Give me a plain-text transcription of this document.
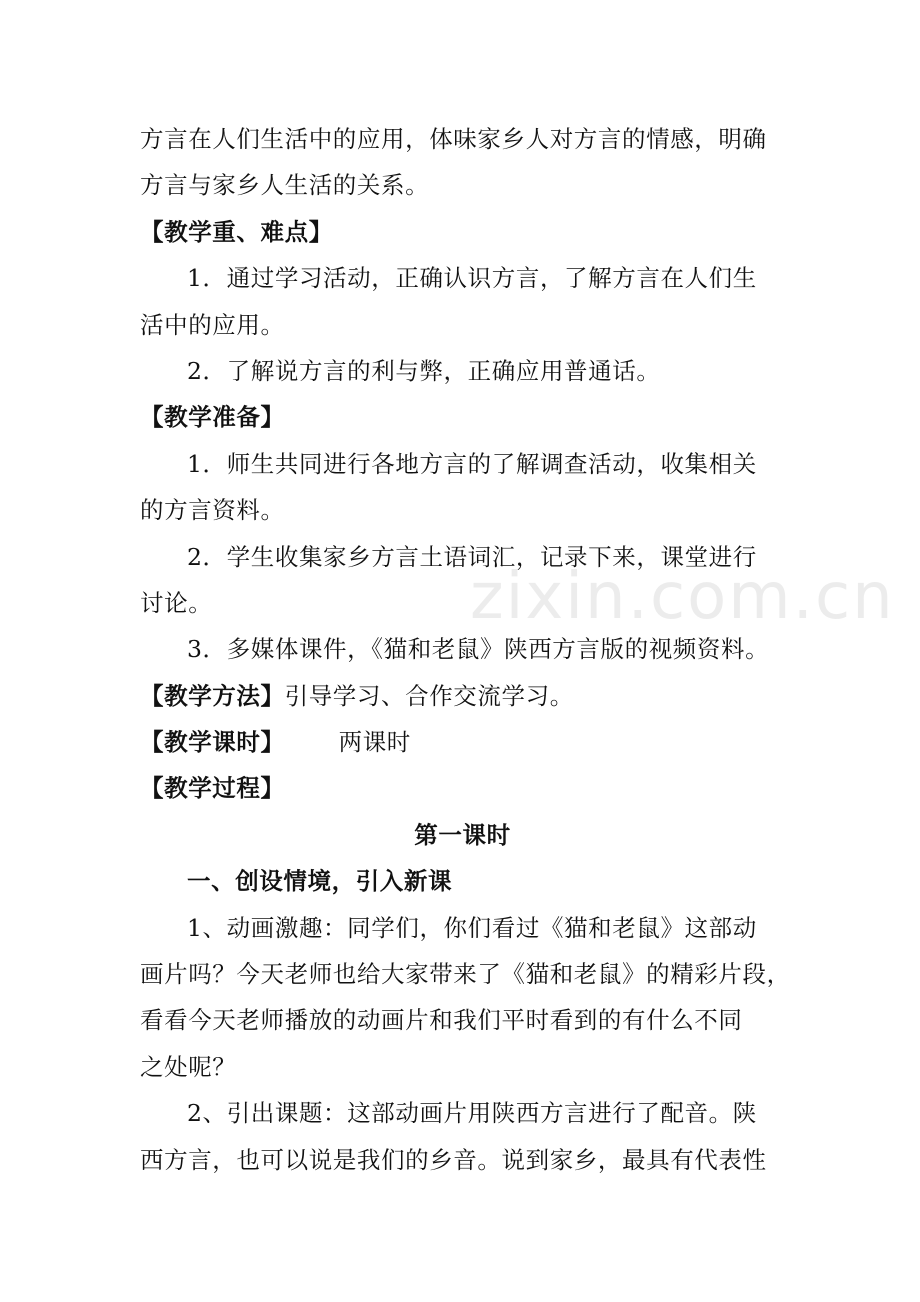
zixin.com.cn
方言在人们生活中的应用，体味家乡人对方言的情感，明确
方言与家乡人生活的关系。
【教学重、难点】
1．通过学习活动，正确认识方言，了解方言在人们生
活中的应用。
2．了解说方言的利与弊，正确应用普通话。
【教学准备】
1．师生共同进行各地方言的了解调查活动，收集相关
的方言资料。
2．学生收集家乡方言土语词汇，记录下来，课堂进行
讨论。
3．多媒体课件，《猫和老鼠》陕西方言版的视频资料。
【教学方法】引导学习、合作交流学习。
【教学课时】 两课时
【教学过程】
第一课时
一、创设情境，引入新课
1、动画激趣：同学们，你们看过《猫和老鼠》这部动
画片吗？今天老师也给大家带来了《猫和老鼠》的精彩片段，
看看今天老师播放的动画片和我们平时看到的有什么不同
之处呢？
2、引出课题：这部动画片用陕西方言进行了配音。陕
西方言，也可以说是我们的乡音。说到家乡，最具有代表性
